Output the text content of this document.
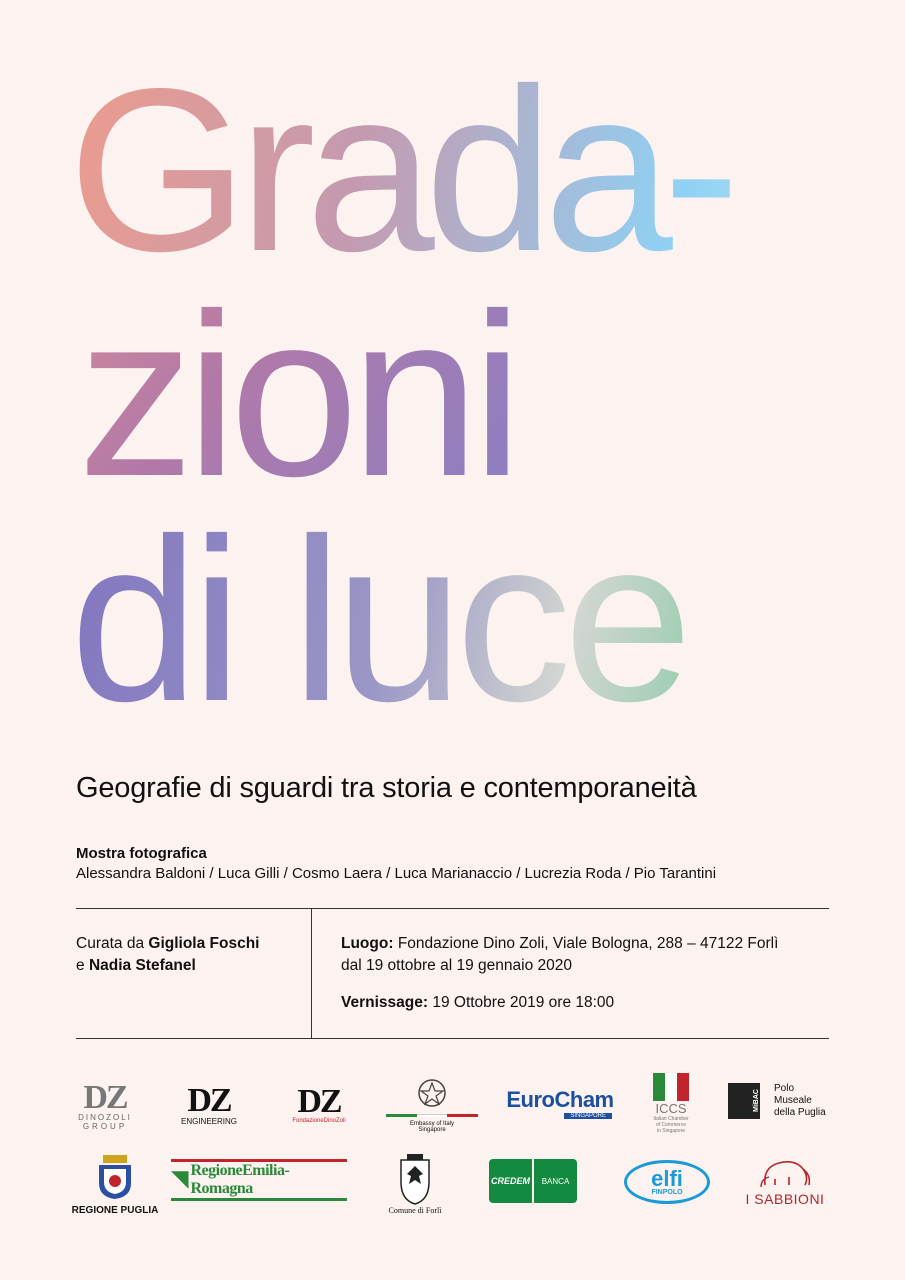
Grada-
zioni
di luce
Geografie di sguardi tra storia e contemporaneità
Mostra fotografica
Alessandra Baldoni / Luca Gilli / Cosmo Laera / Luca Marianaccio / Lucrezia Roda / Pio Tarantini
Curata da Gigliola Foschi
e Nadia Stefanel
Luogo: Fondazione Dino Zoli, Viale Bologna, 288 – 47122 Forlì
dal 19 ottobre al 19 gennaio 2020
Vernissage: 19 Ottobre 2019 ore 18:00
DZ
DINOZOLI
GROUP
DZ
ENGINEERING
DZ
FondazioneDinoZoli	Embassy of Italy
Singapore
EuroCham
SINGAPORE
ICCS
Italian Chamber
of Commerce
in Singapore
MiBAC
Polo
Museale
della Puglia
REGIONE PUGLIA
RegioneEmilia-Romagna
Comune di Forlì
CREDEM	BANCA	elfi
FINPOLO	I SABBIONI
